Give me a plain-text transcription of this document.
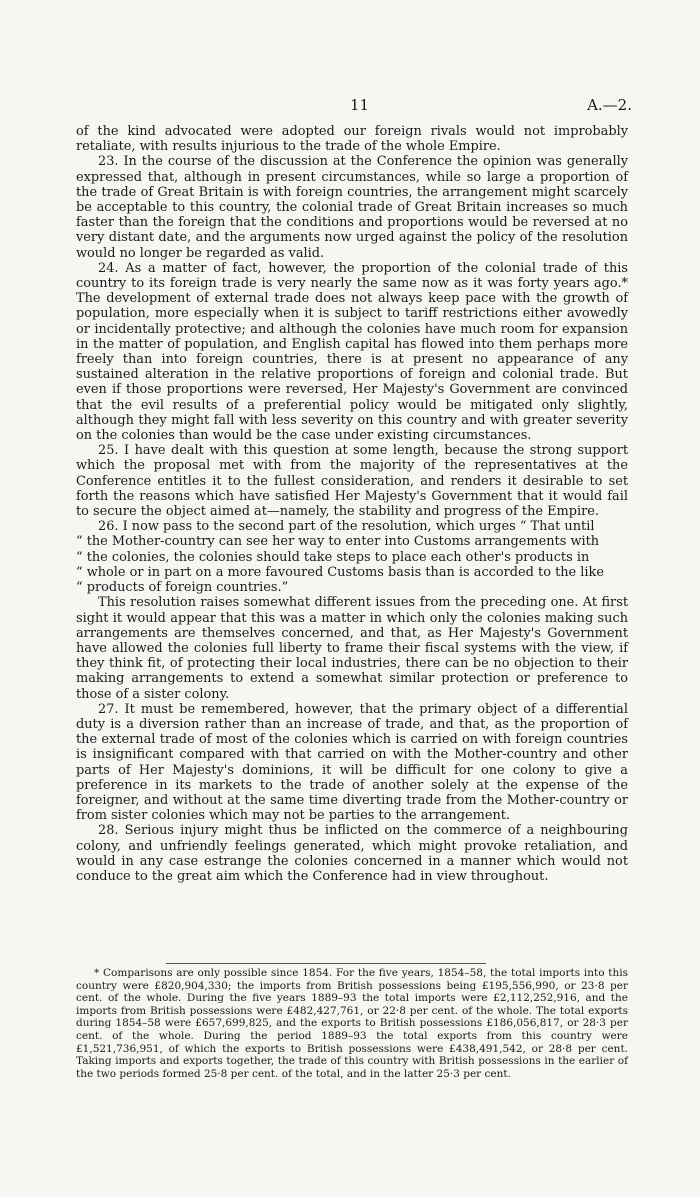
11	A.—2.

of the kind advocated were adopted our foreign rivals would not improbably retaliate, with results injurious to the trade of the whole Empire.

23. In the course of the discussion at the Conference the opinion was generally expressed that, although in present circumstances, while so large a proportion of the trade of Great Britain is with foreign countries, the arrangement might scarcely be acceptable to this country, the colonial trade of Great Britain increases so much faster than the foreign that the conditions and proportions would be reversed at no very distant date, and the arguments now urged against the policy of the resolution would no longer be regarded as valid.

24. As a matter of fact, however, the proportion of the colonial trade of this country to its foreign trade is very nearly the same now as it was forty years ago.* The development of external trade does not always keep pace with the growth of population, more especially when it is subject to tariff restrictions either avowedly or incidentally protective; and although the colonies have much room for expansion in the matter of population, and English capital has flowed into them perhaps more freely than into foreign countries, there is at present no appearance of any sustained alteration in the relative proportions of foreign and colonial trade. But even if those proportions were reversed, Her Majesty's Government are convinced that the evil results of a preferential policy would be mitigated only slightly, although they might fall with less severity on this country and with greater severity on the colonies than would be the case under existing circumstances.

25. I have dealt with this question at some length, because the strong support which the proposal met with from the majority of the representatives at the Conference entitles it to the fullest consideration, and renders it desirable to set forth the reasons which have satisfied Her Majesty's Government that it would fail to secure the object aimed at—namely, the stability and progress of the Empire.

26. I now pass to the second part of the resolution, which urges “ That until
“ the Mother-country can see her way to enter into Customs arrangements with
“ the colonies, the colonies should take steps to place each other's products in
“ whole or in part on a more favoured Customs basis than is accorded to the like
“ products of foreign countries.”

This resolution raises somewhat different issues from the preceding one. At first sight it would appear that this was a matter in which only the colonies making such arrangements are themselves concerned, and that, as Her Majesty's Government have allowed the colonies full liberty to frame their fiscal systems with the view, if they think fit, of protecting their local industries, there can be no objection to their making arrangements to extend a somewhat similar protection or preference to those of a sister colony.

27. It must be remembered, however, that the primary object of a differential duty is a diversion rather than an increase of trade, and that, as the proportion of the external trade of most of the colonies which is carried on with foreign countries is insignificant compared with that carried on with the Mother-country and other parts of Her Majesty's dominions, it will be difficult for one colony to give a preference in its markets to the trade of another solely at the expense of the foreigner, and without at the same time diverting trade from the Mother-country or from sister colonies which may not be parties to the arrangement.

28. Serious injury might thus be inflicted on the commerce of a neighbouring colony, and unfriendly feelings generated, which might provoke retaliation, and would in any case estrange the colonies concerned in a manner which would not conduce to the great aim which the Conference had in view throughout.

* Comparisons are only possible since 1854. For the five years, 1854–58, the total imports into this country were £820,904,330; the imports from British possessions being £195,556,990, or 23·8 per cent. of the whole. During the five years 1889–93 the total imports were £2,112,252,916, and the imports from British possessions were £482,427,761, or 22·8 per cent. of the whole. The total exports during 1854–58 were £657,699,825, and the exports to British possessions £186,056,817, or 28·3 per cent. of the whole. During the period 1889–93 the total exports from this country were £1,521,736,951, of which the exports to British possessions were £438,491,542, or 28·8 per cent. Taking imports and exports together, the trade of this country with British possessions in the earlier of the two periods formed 25·8 per cent. of the total, and in the latter 25·3 per cent.
